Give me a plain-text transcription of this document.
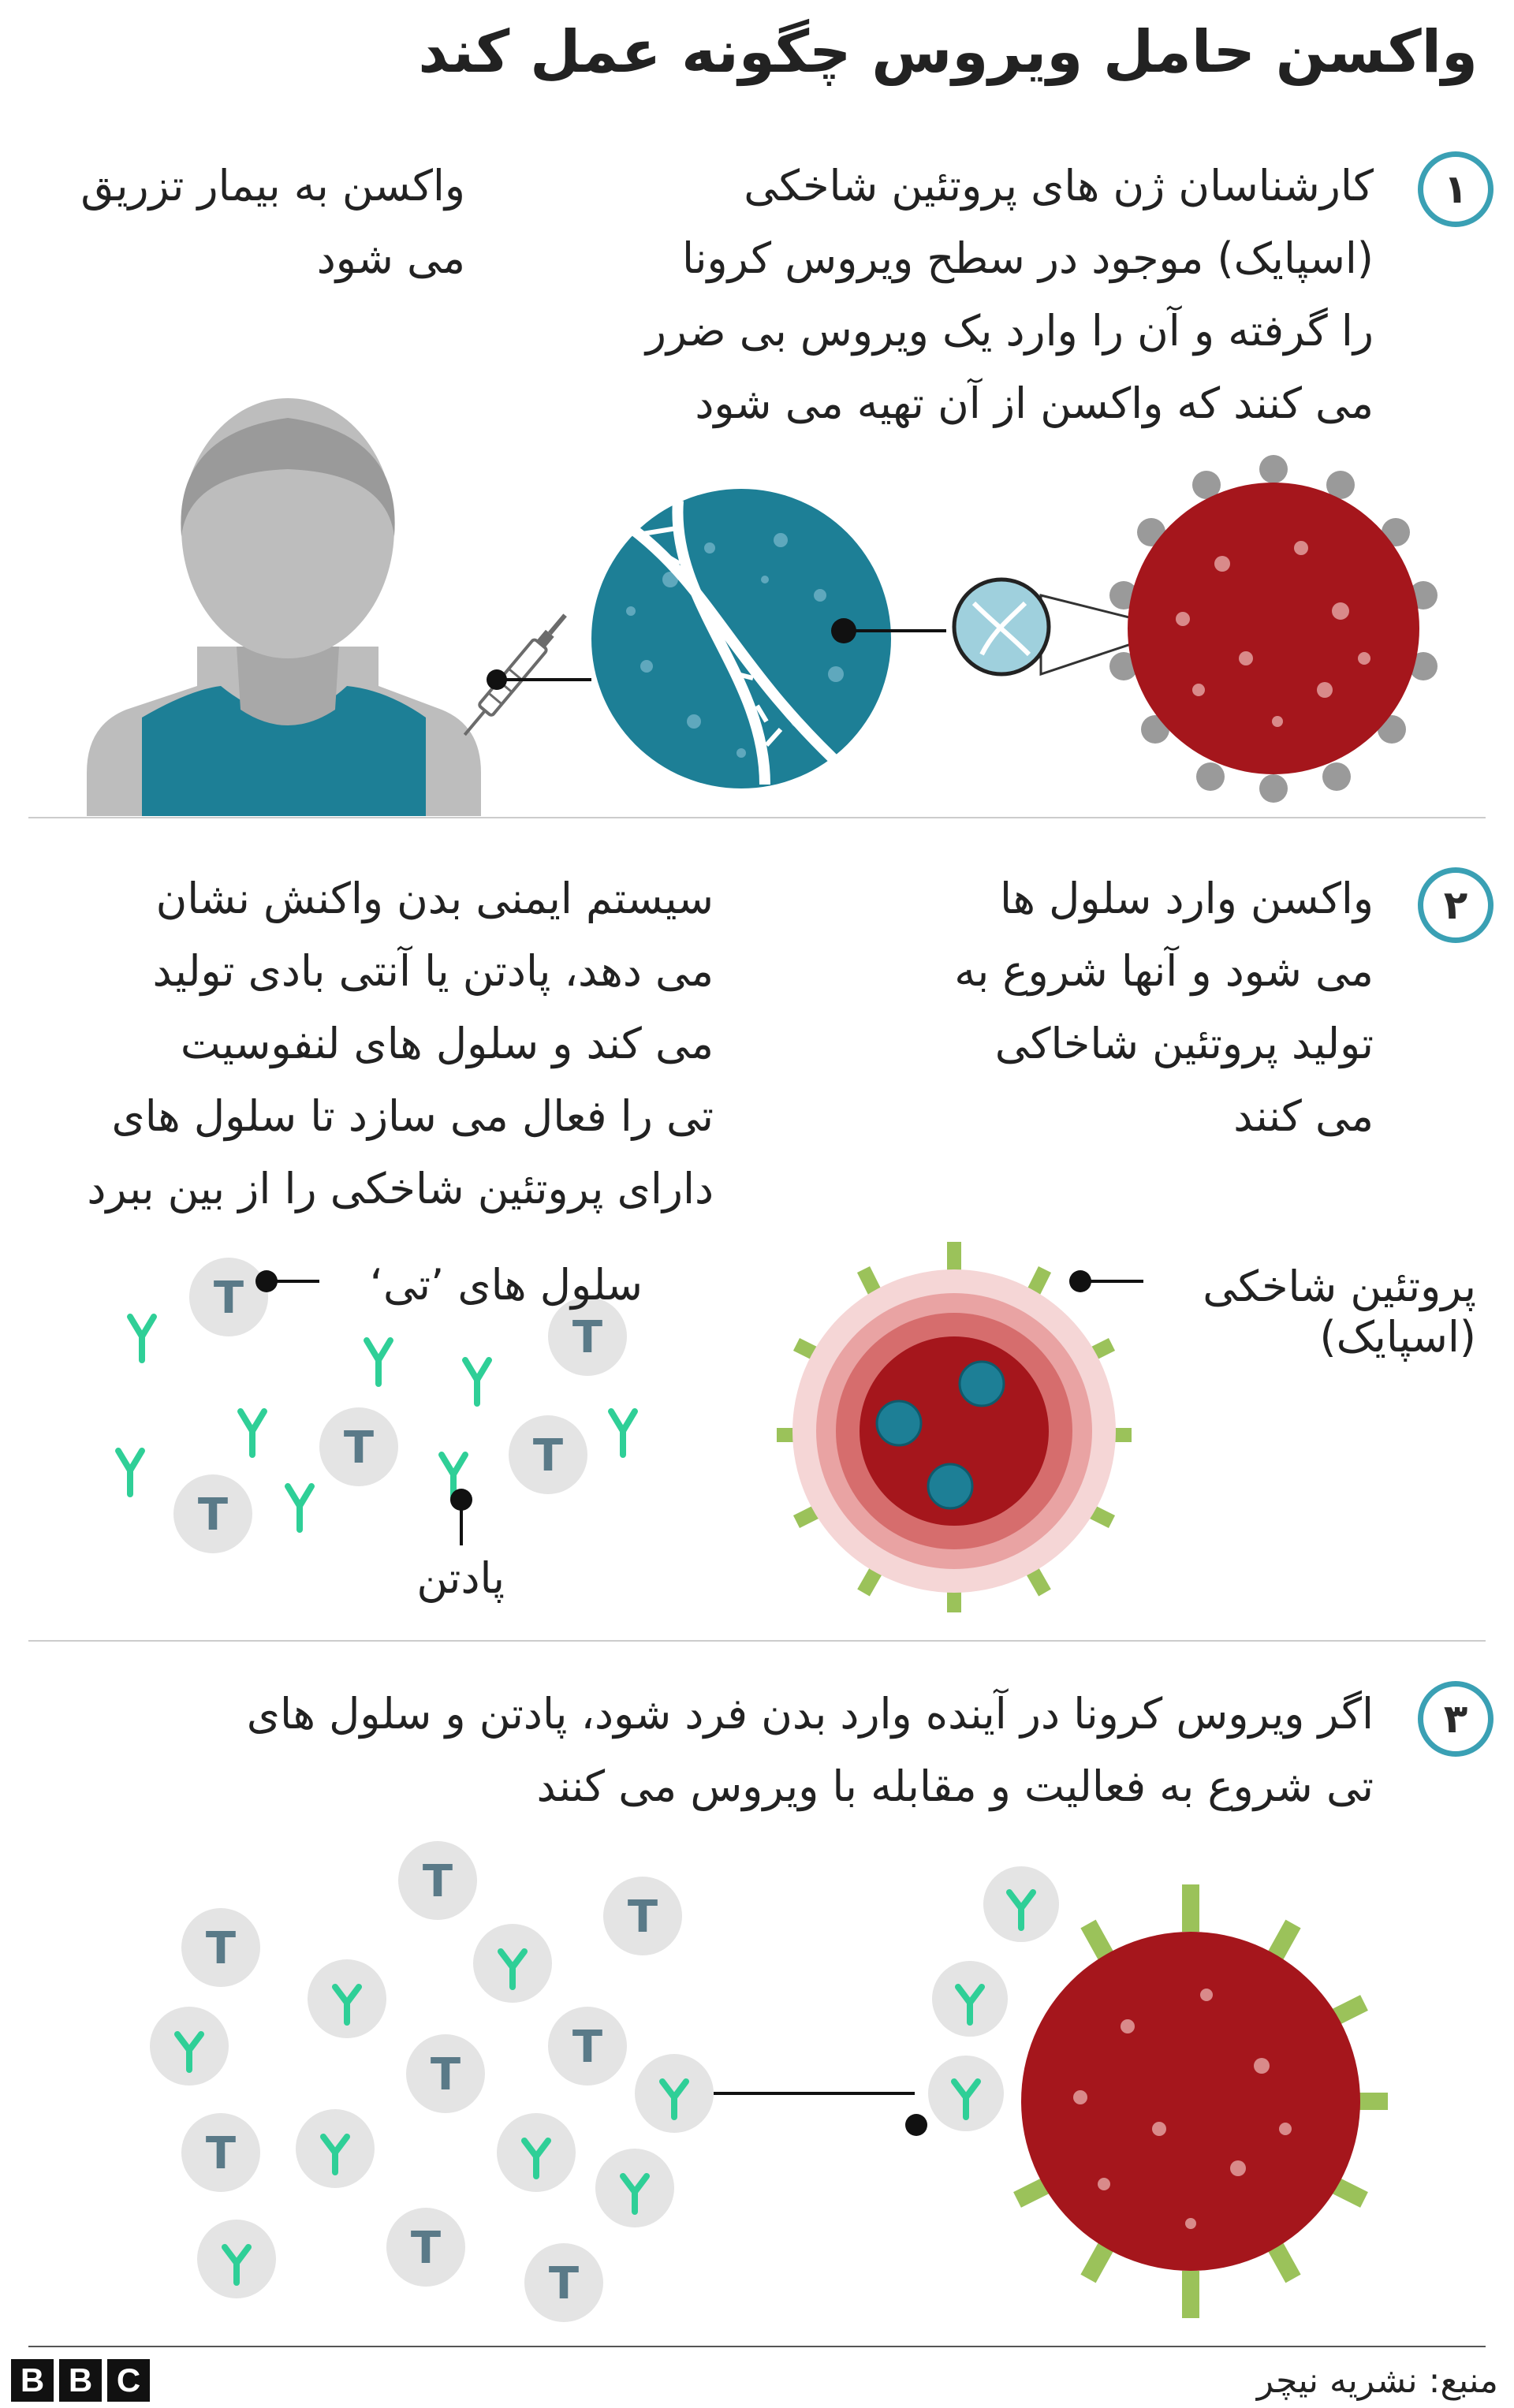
واکسن حامل ویروس چگونه عمل کند
۱
کارشناسان ژن های پروتئین شاخکی
(اسپایک) موجود در سطح ویروس کرونا
را گرفته و آن را وارد یک ویروس بی ضرر
می کنند که واکسن از آن تهیه می شود
واکسن به بیمار تزریق
می شود
۲
واکسن وارد سلول ها
می شود و آنها شروع به
تولید پروتئین شاخاکی
می کنند
سیستم ایمنی بدن واکنش نشان
می دهد، پادتن یا آنتی بادی تولید
می کند و سلول های لنفوسیت
تی را فعال می سازد تا سلول های
دارای پروتئین شاخکی را از بین ببرد
T
T
T	T
T
سلول های ’تی‘
پادتن
پروتئین شاخکی
(اسپایک)
۳
اگر ویروس کرونا در آینده وارد بدن فرد شود، پادتن و سلول های
تی شروع به فعالیت و مقابله با ویروس می کنند
T
T
T
T
T
T
T
T
B B C	منبع: نشریه نیچر
